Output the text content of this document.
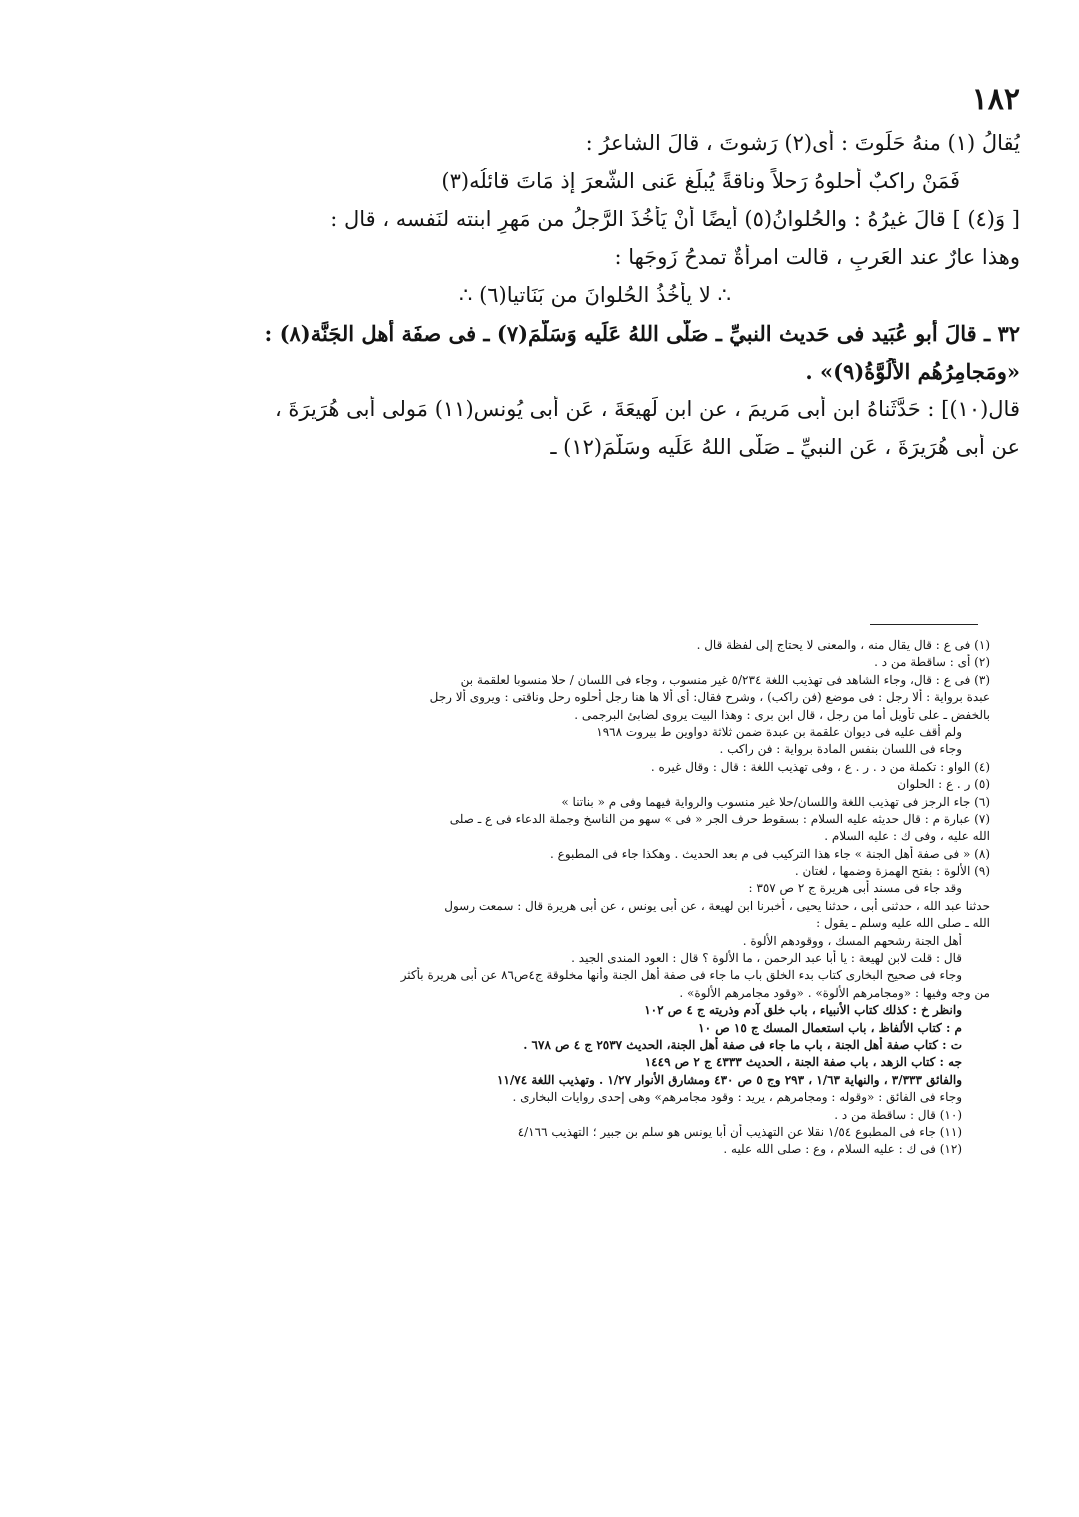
١٨٢
يُقالُ (١) منهُ حَلَوتَ : أى(٢) رَشوتَ ، قالَ الشاعرُ :
فَمَنْ راكبٌ أحلوهُ رَحلاً وناقةً يُبلِّغ عَنى الشّعرَ إذ مَاتَ قائلُه(٣)
[ وَ(٤) ] قالَ غيرُهُ : والحُلوانُ(٥) أيضًا أَنْ يَأْخُذَ الرَّجلُ من مَهرِ ابنته لنَفسه ، قال :
وهذا عارٌ عند العَربِ ، قالت امرأةٌ تمدحُ زَوجَها :
∴ لا يأْخُذُ الحُلوانَ من بَنَاتيا(٦) ∴
٣٢ ـ قالَ أبو عُبَيد فى حَديث النبيِّ ـ صَلَّى اللهُ عَلَيه وَسَلَّمَ(٧) ـ فى صفَة أهل الجَنَّة(٨) :
«ومَجامِرُهُم الألُوَّةُ(٩)» .
قال(١٠)] : حَدَّثَناهُ ابن أبى مَريمَ ، عن ابن لَهيعَةَ ، عَن أبى يُونس(١١) مَولى أبى هُرَيرَةَ ،
عن أبى هُرَيرَةَ ، عَن النبيِّ ـ صَلَّى اللهُ عَلَيه وسَلَّمَ(١٢) ـ
(١) فى ع : قال يقال منه ، والمعنى لا يحتاج إلى لفظة قال .
(٢) أى : ساقطة من د .
(٣) فى ع : قال، وجاء الشاهد فى تهذيب اللغة ٥/٢٣٤ غير منسوب ، وجاء فى اللسان / حلا منسوبا لعلقمة بن
عبدة برواية : ألا رجل : فى موضع (فن راكب) ، وشرح فقال: أى ألا ها هنا رجل أحلوه رحل وناقتى : ويروى ألا رجل
بالخفض ـ على تأويل أما من رجل ، قال ابن برى : وهذا البيت يروى لضابئ البرجمى .
ولم أقف عليه فى ديوان علقمة بن عبدة ضمن ثلاثة دواوين ط بيروت ١٩٦٨
وجاء فى اللسان بنفس المادة برواية : فن راكب .
(٤) الواو : تكملة من د . ر . ع ، وفى تهذيب اللغة : قال : وقال غيره .
(٥) ر . ع : الحلوان
(٦) جاء الرجز فى تهذيب اللغة واللسان/حلا غير منسوب والرواية فيهما وفى م « بناتنا »
(٧) عبارة م : قال حديثه عليه السلام : بسقوط حرف الجر « فى » سهو من الناسخ وجملة الدعاء فى ع ـ صلى
الله عليه ، وفى ك : عليه السلام .
(٨) « فى صفة أهل الجنة » جاء هذا التركيب فى م بعد الحديث . وهكذا جاء فى المطبوع .
(٩) الألوة : بفتح الهمزة وضمها ، لغتان .
وقد جاء فى مسند أبى هريرة ج ٢ ص ٣٥٧ :
حدثنا عبد الله ، حدثنى أبى ، حدثنا يحيى ، أخبرنا ابن لهيعة ، عن أبى يونس ، عن أبى هريرة قال : سمعت رسول
الله ـ صلى الله عليه وسلم ـ يقول :
أهل الجنة رشحهم المسك ، ووقودهم الألوة .
قال : قلت لابن لهيعة : يا أبا عبد الرحمن ، ما الألوة ؟ قال : العود المندى الجيد .
وجاء فى صحيح البخارى كتاب بدء الخلق باب ما جاء فى صفة أهل الجنة وأنها مخلوقة ج٤ص٨٦ عن أبى هريرة بأكثر
من وجه وفيها : «ومجامرهم الألوة» . «وقود مجامرهم الألوة» .
وانظر خ : كذلك كتاب الأنبياء ، باب خلق آدم وذريته ج ٤ ص ١٠٢
م : كتاب الألفاظ ، باب استعمال المسك ج ١٥ ص ١٠
ت : كتاب صفة أهل الجنة ، باب ما جاء فى صفة أهل الجنة، الحديث ٢٥٣٧ ج ٤ ص ٦٧٨ .
جه : كتاب الزهد ، باب صفة الجنة ، الحديث ٤٣٣٣ ج ٢ ص ١٤٤٩
والفائق ٣/٣٣٣ ، والنهاية ١/٦٣ ، ٢٩٣ وج ٥ ص ٤٣٠ ومشارق الأنوار ١/٢٧ . وتهذيب اللغة ١١/٧٤
وجاء فى الفائق : «وقوله : ومجامرهم ، يريد : وقود مجامرهم» وهى إحدى روايات البخارى .
(١٠) قال : ساقطة من د .
(١١) جاء فى المطبوع ١/٥٤ نقلا عن التهذيب أن أبا يونس هو سلم بن جبير ؛ التهذيب ٤/١٦٦
(١٢) فى ك : عليه السلام ، وع : صلى الله عليه .
